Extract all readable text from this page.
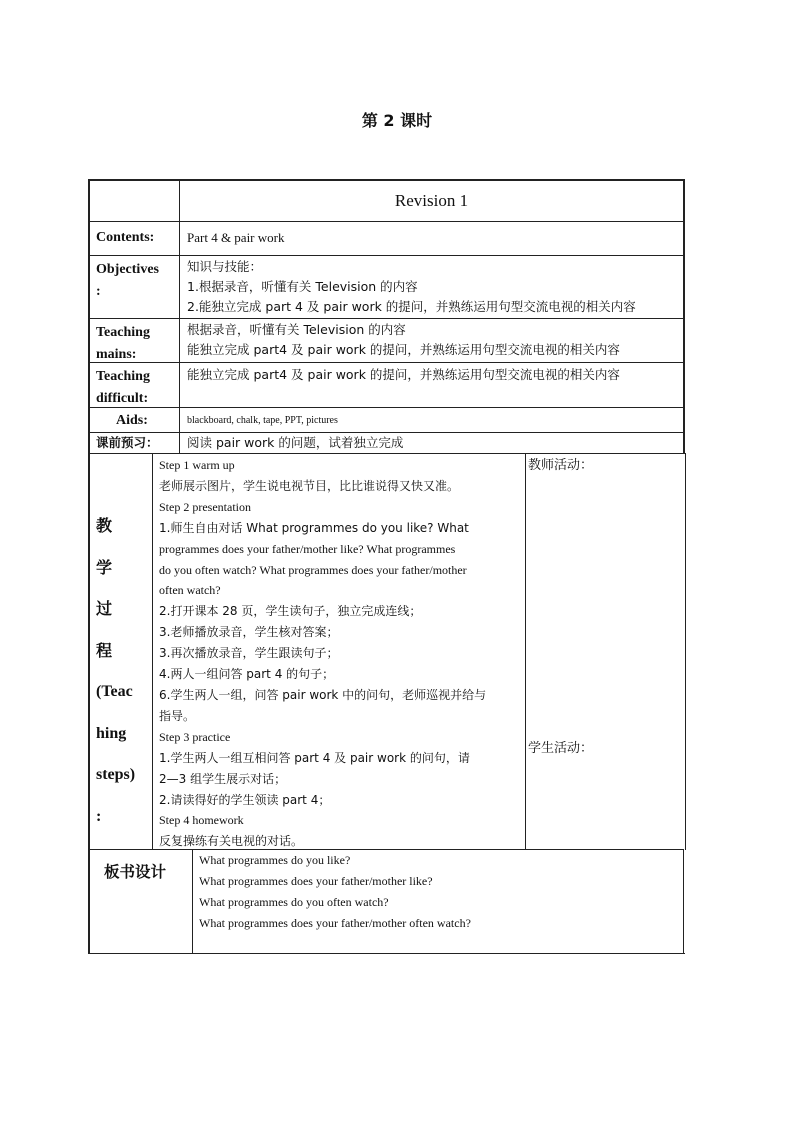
第 2 课时
Revision 1
Contents:	Part 4 & pair work
Objectives
:
知识与技能：
1.根据录音，听懂有关 Television 的内容
2.能独立完成 part 4 及 pair work 的提问，并熟练运用句型交流电视的相关内容
Teaching
mains:
根据录音，听懂有关 Television 的内容
能独立完成 part4 及 pair work 的提问，并熟练运用句型交流电视的相关内容
Teaching
difficult:
能独立完成 part4 及 pair work 的提问，并熟练运用句型交流电视的相关内容
Aids:	blackboard, chalk, tape, PPT, pictures
课前预习： 阅读 pair work 的问题，试着独立完成
教
学
过
程
(Teac
hing
steps)
:
Step 1 warm up
老师展示图片，学生说电视节目，比比谁说得又快又准。
Step 2 presentation
1.师生自由对话 What programmes do you like? What
programmes does your father/mother like? What programmes
do you often watch? What programmes does your father/mother
often watch?
2.打开课本 28 页，学生读句子，独立完成连线；
3.老师播放录音，学生核对答案；
3.再次播放录音，学生跟读句子；
4.两人一组问答 part 4 的句子；
6.学生两人一组，问答 pair work 中的问句，老师巡视并给与
指导。
Step 3 practice
1.学生两人一组互相问答 part 4 及 pair work 的问句，请
2—3 组学生展示对话；
2.请读得好的学生领读 part 4；
Step 4 homework
反复操练有关电视的对话。
教师活动：
学生活动：
板书设计
What programmes do you like?
What programmes does your father/mother like?
What programmes do you often watch?
What programmes does your father/mother often watch?
